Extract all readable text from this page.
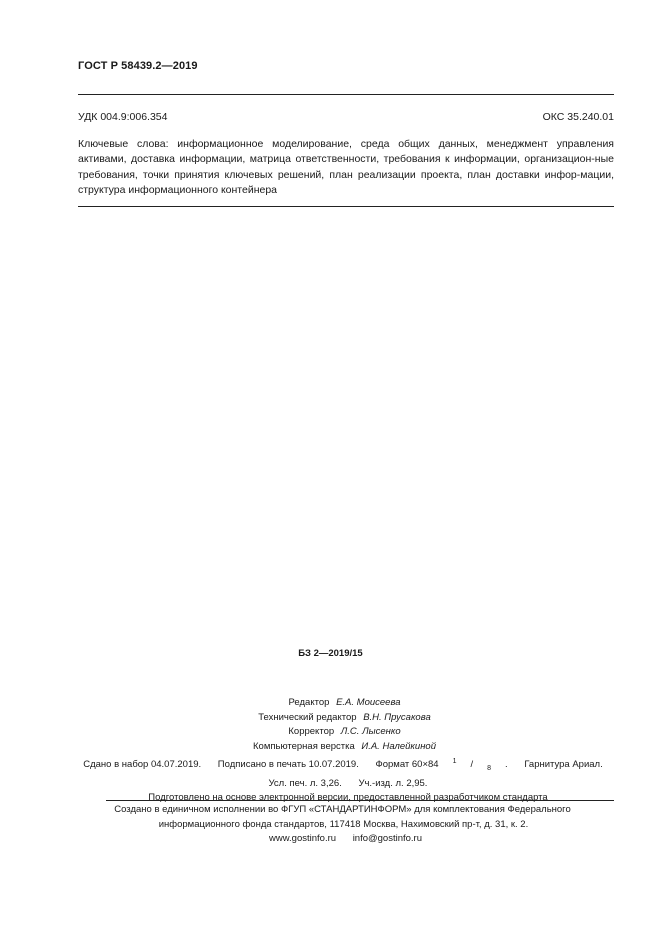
ГОСТ Р 58439.2—2019
УДК 004.9:006.354	ОКС 35.240.01
Ключевые слова: информационное моделирование, среда общих данных, менеджмент управления активами, доставка информации, матрица ответственности, требования к информации, организацион-ные требования, точки принятия ключевых решений, план реализации проекта, план доставки инфор-мации, структура информационного контейнера
БЗ 2—2019/15
Редактор Е.А. Моисеева
Технический редактор В.Н. Прусакова
Корректор Л.С. Лысенко
Компьютерная верстка И.А. Налейкиной
Сдано в набор 04.07.2019. Подписано в печать 10.07.2019. Формат 60×84 $^1$ / $_8$ . Гарнитура Ариал.
Усл. печ. л. 3,26. Уч.-изд. л. 2,95.
Подготовлено на основе электронной версии, предоставленной разработчиком стандарта
Создано в единичном исполнении во ФГУП «СТАНДАРТИНФОРМ» для комплектования Федерального
информационного фонда стандартов, 117418 Москва, Нахимовский пр-т, д. 31, к. 2.
www.gostinfo.ru info@gostinfo.ru
